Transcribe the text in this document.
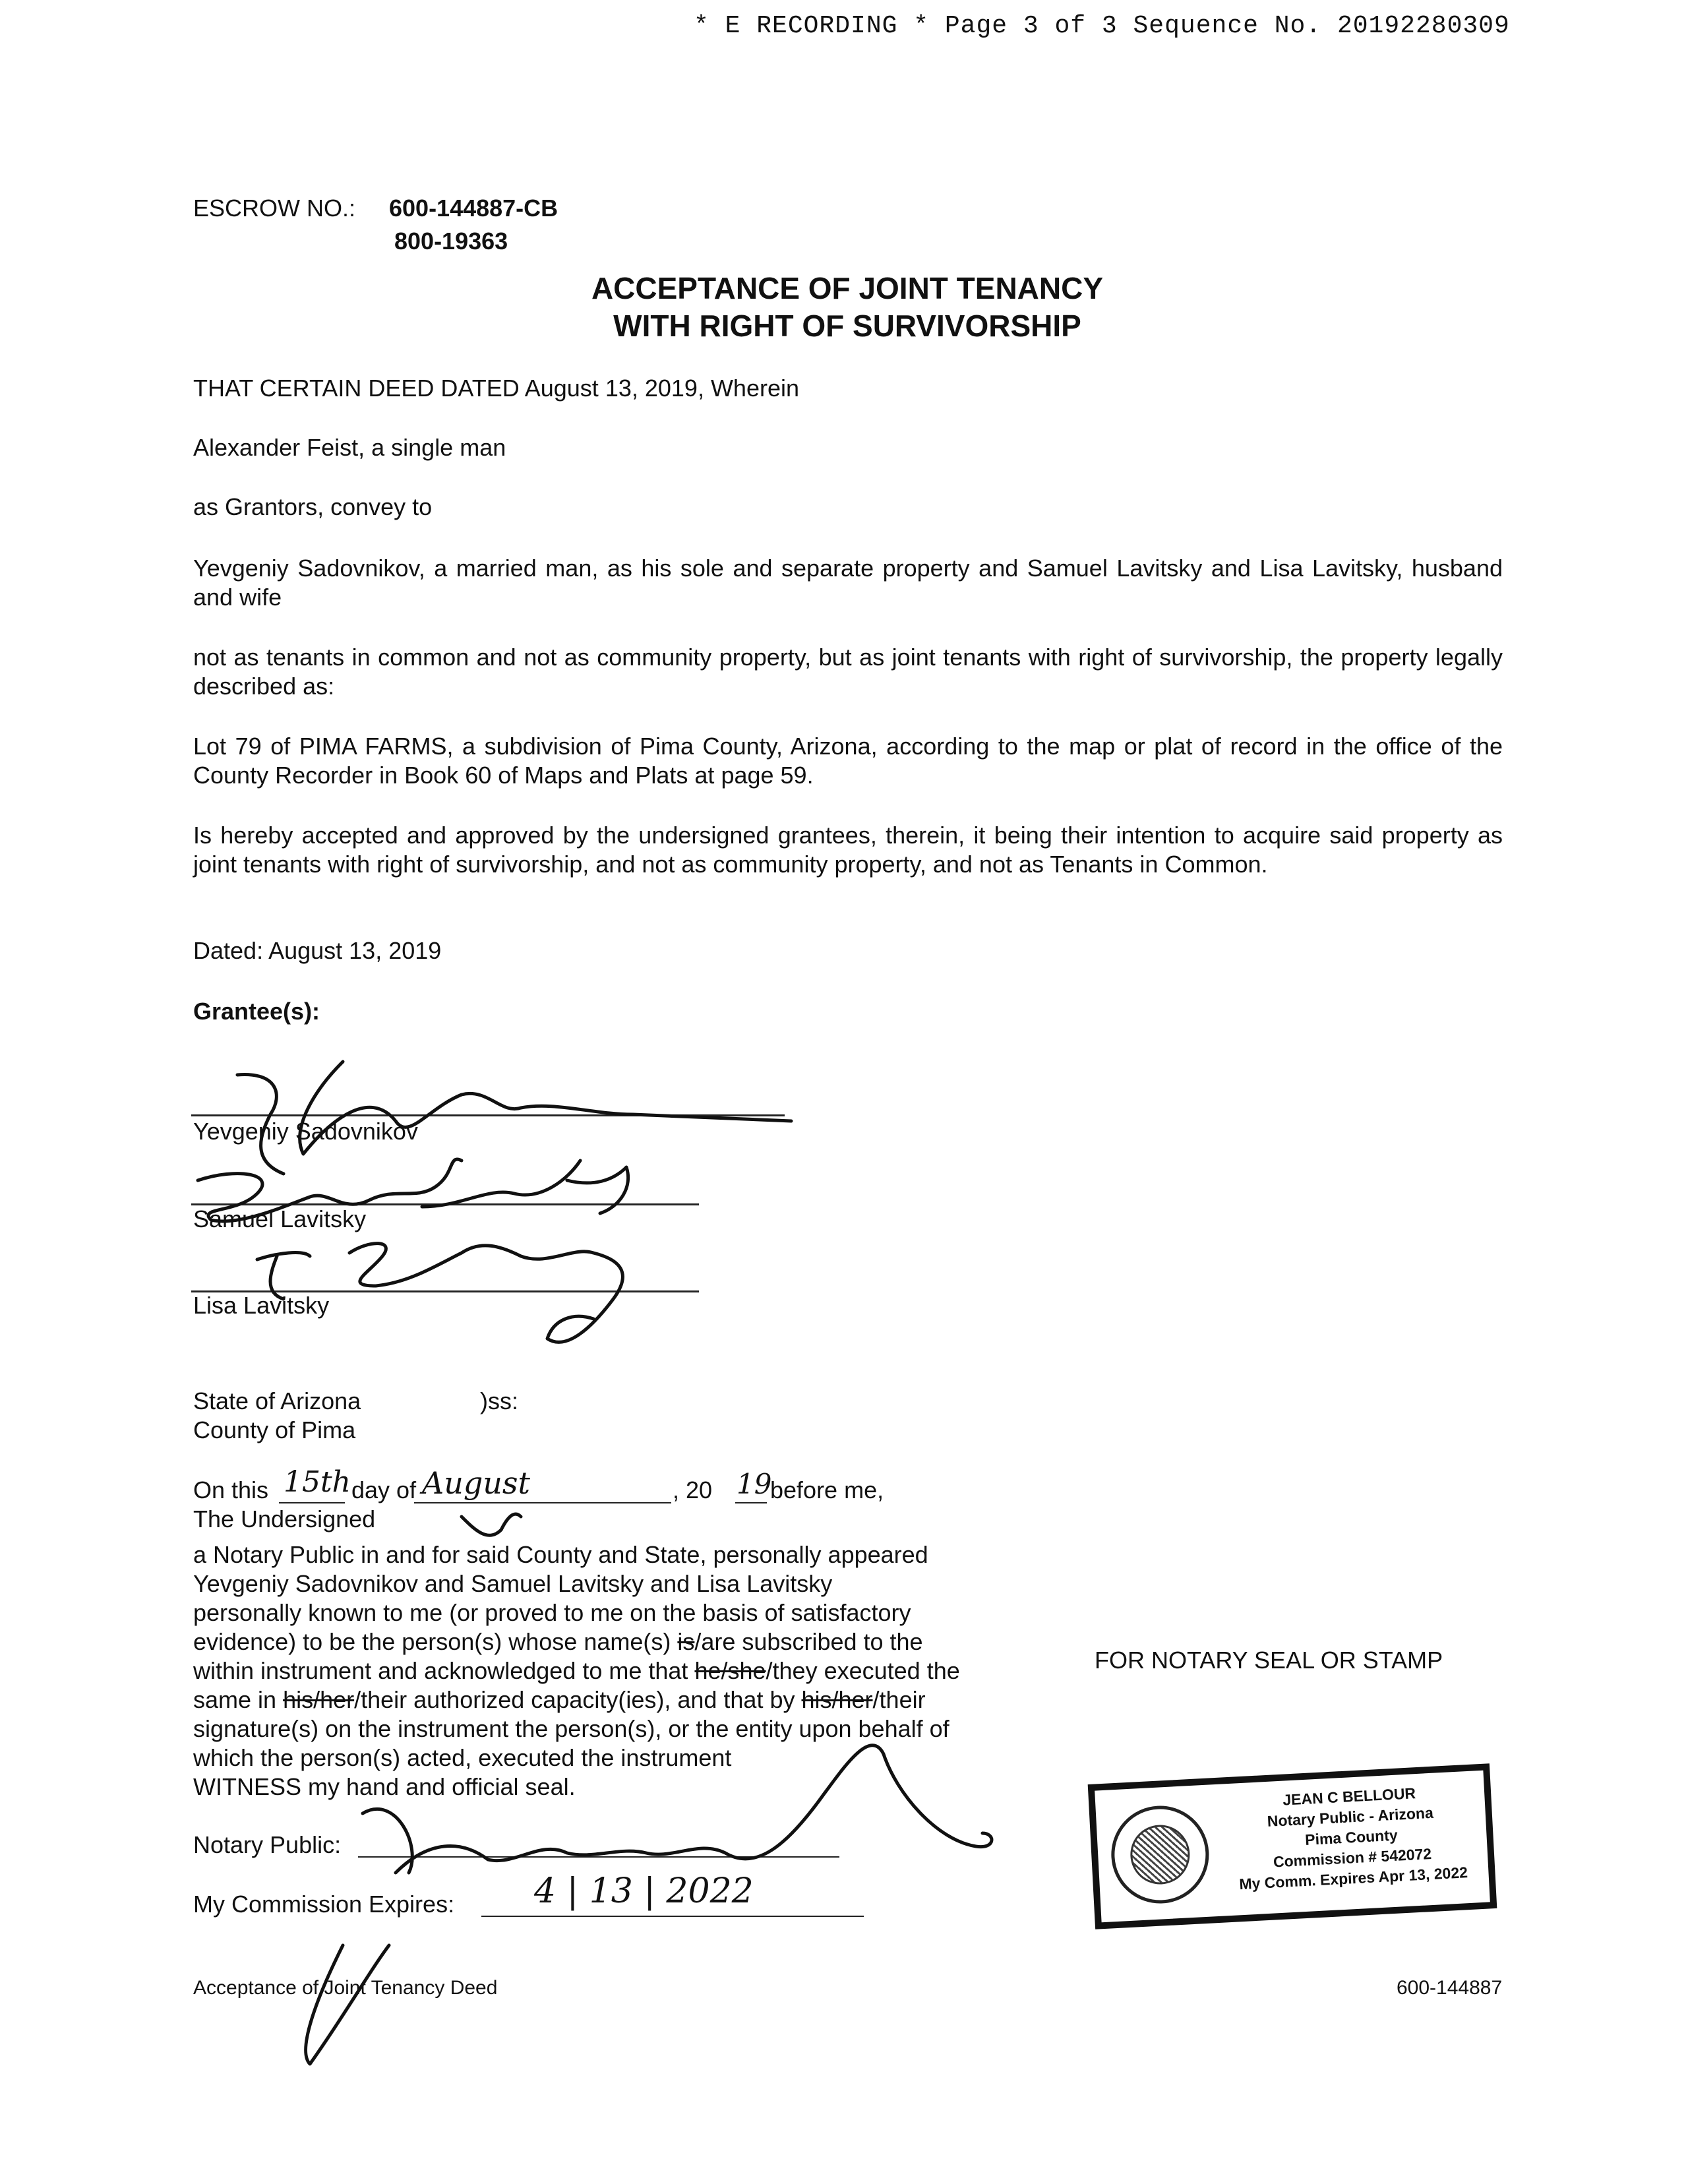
* E RECORDING * Page 3 of 3 Sequence No. 20192280309
ESCROW NO.: 600-144887-CB
800-19363
ACCEPTANCE OF JOINT TENANCY
WITH RIGHT OF SURVIVORSHIP
THAT CERTAIN DEED DATED August 13, 2019, Wherein
Alexander Feist, a single man
as Grantors, convey to
Yevgeniy Sadovnikov, a married man, as his sole and separate property and Samuel Lavitsky and Lisa Lavitsky, husband and wife
not as tenants in common and not as community property, but as joint tenants with right of survivorship, the property legally described as:
Lot 79 of PIMA FARMS, a subdivision of Pima County, Arizona, according to the map or plat of record in the office of the County Recorder in Book 60 of Maps and Plats at page 59.
Is hereby accepted and approved by the undersigned grantees, therein, it being their intention to acquire said property as joint tenants with right of survivorship, and not as community property, and not as Tenants in Common.
Dated: August 13, 2019
Grantee(s):
Yevgeniy Sadovnikov
Samuel Lavitsky
Lisa Lavitsky
State of Arizona	)ss:
County of Pima
On this 15th day of August	, 20 19
before me,
The Undersigned
a Notary Public in and for said County and State, personally appeared
Yevgeniy Sadovnikov and Samuel Lavitsky and Lisa Lavitsky
personally known to me (or proved to me on the basis of satisfactory
evidence) to be the person(s) whose name(s) is/are subscribed to the
within instrument and acknowledged to me that he/she/they executed the
same in his/her/their authorized capacity(ies), and that by his/her/their
signature(s) on the instrument the person(s), or the entity upon behalf of
which the person(s) acted, executed the instrument
WITNESS my hand and official seal.
Notary Public:
My Commission Expires: 4 | 13 | 2022
FOR NOTARY SEAL OR STAMP
JEAN C BELLOUR
Notary Public - Arizona
Pima County
Commission # 542072
My Comm. Expires Apr 13, 2022
Acceptance of Joint Tenancy Deed	600-144887
